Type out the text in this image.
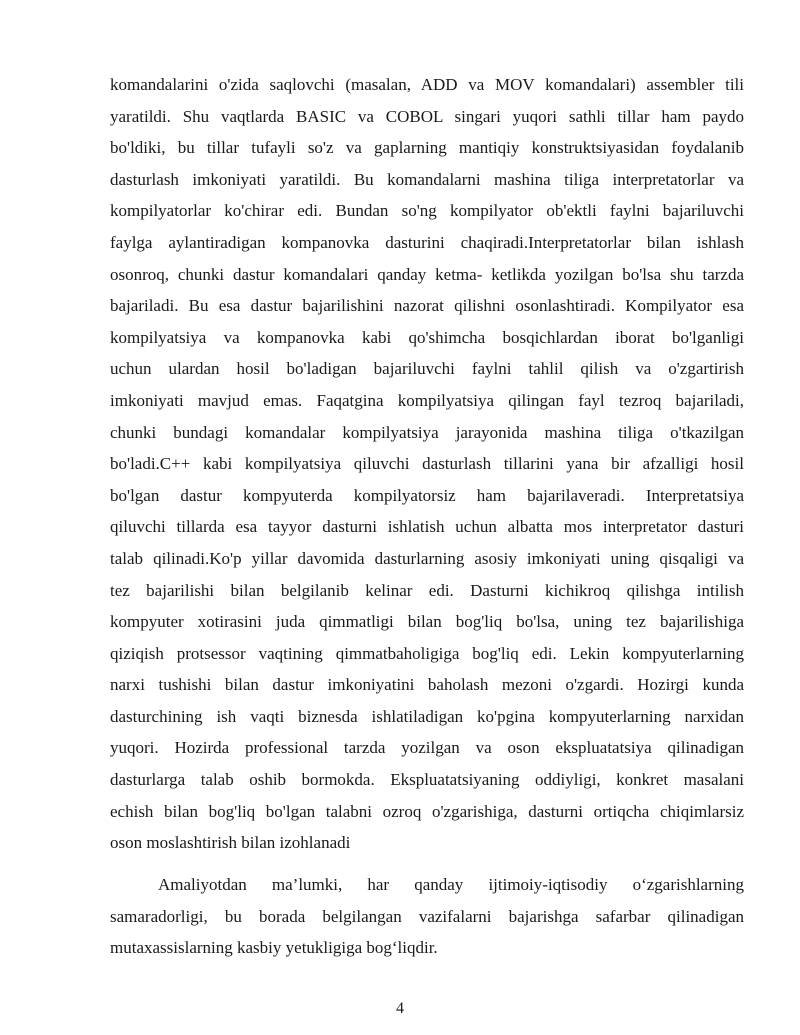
komandalarini o'zida saqlovchi (masalan, ADD va MOV komandalari) assembler tili
yaratildi. Shu vaqtlarda BASIC va COBOL singari yuqori sathli tillar ham paydo
bo'ldiki, bu tillar tufayli so'z va gaplarning mantiqiy konstruktsiyasidan foydalanib
dasturlash imkoniyati yaratildi. Bu komandalarni mashina tiliga interpretatorlar va
kompilyatorlar ko'chirar edi. Bundan so'ng kompilyator ob'ektli faylni bajariluvchi
faylga aylantiradigan kompanovka dasturini chaqiradi.Interpretatorlar bilan ishlash
osonroq, chunki dastur komandalari qanday ketma- ketlikda yozilgan bo'lsa shu tarzda
bajariladi. Bu esa dastur bajarilishini nazorat qilishni osonlashtiradi. Kompilyator esa
kompilyatsiya va kompanovka kabi qo'shimcha bosqichlardan iborat bo'lganligi
uchun ulardan hosil bo'ladigan bajariluvchi faylni tahlil qilish va o'zgartirish
imkoniyati mavjud emas. Faqatgina kompilyatsiya qilingan fayl tezroq bajariladi,
chunki bundagi komandalar kompilyatsiya jarayonida mashina tiliga o'tkazilgan
bo'ladi.C++ kabi kompilyatsiya qiluvchi dasturlash tillarini yana bir afzalligi hosil
bo'lgan dastur kompyuterda kompilyatorsiz ham bajarilaveradi. Interpretatsiya
qiluvchi tillarda esa tayyor dasturni ishlatish uchun albatta mos interpretator dasturi
talab qilinadi.Ko'p yillar davomida dasturlarning asosiy imkoniyati uning qisqaligi va
tez bajarilishi bilan belgilanib kelinar edi. Dasturni kichikroq qilishga intilish
kompyuter xotirasini juda qimmatligi bilan bog'liq bo'lsa, uning tez bajarilishiga
qiziqish protsessor vaqtining qimmatbaholigiga bog'liq edi. Lekin kompyuterlarning
narxi tushishi bilan dastur imkoniyatini baholash mezoni o'zgardi. Hozirgi kunda
dasturchining ish vaqti biznesda ishlatiladigan ko'pgina kompyuterlarning narxidan
yuqori. Hozirda professional tarzda yozilgan va oson ekspluatatsiya qilinadigan
dasturlarga talab oshib bormokda. Ekspluatatsiyaning oddiyligi, konkret masalani
echish bilan bog'liq bo'lgan talabni ozroq o'zgarishiga, dasturni ortiqcha chiqimlarsiz
oson moslashtirish bilan izohlanadi
Amaliyotdan ma’lumki, har qanday ijtimoiy-iqtisodiy o‘zgarishlarning
samaradorligi, bu borada belgilangan vazifalarni bajarishga safarbar qilinadigan
mutaxassislarning kasbiy yetukligiga bog‘liqdir.
4
